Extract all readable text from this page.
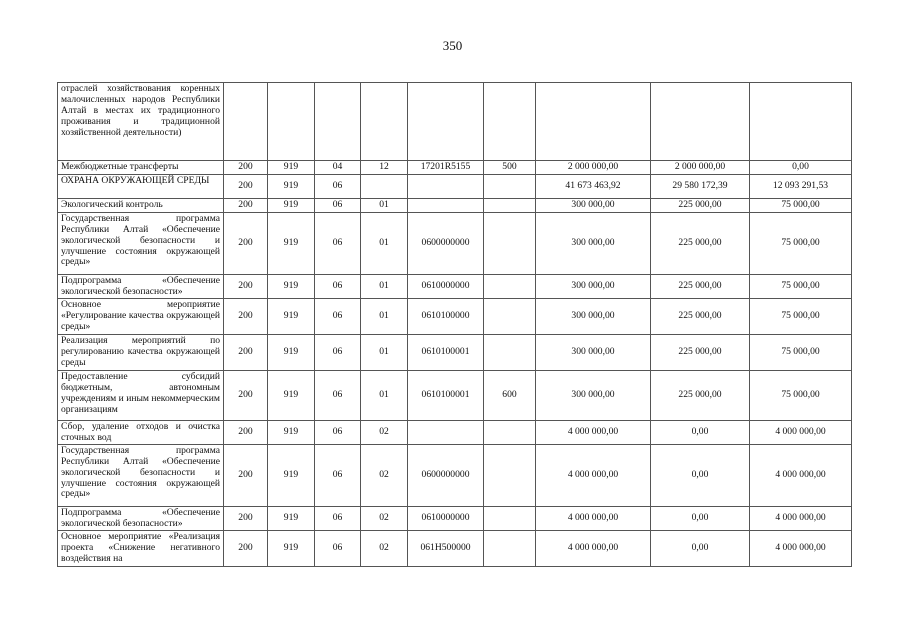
350
отраслей хозяйствования коренных малочисленных народов Республики Алтай в местах их традиционного проживания и традиционной хозяйственной деятельности)									
Межбюджетные трансферты	200	919	04	12	17201R5155	500	2 000 000,00	2 000 000,00	0,00
ОХРАНА ОКРУЖАЮЩЕЙ СРЕДЫ	200	919	06				41 673 463,92	29 580 172,39	12 093 291,53
Экологический контроль	200	919	06	01			300 000,00	225 000,00	75 000,00
Государственная программа Республики Алтай «Обеспечение экологической безопасности и улучшение состояния окружающей среды»	200	919	06	01	0600000000		300 000,00	225 000,00	75 000,00
Подпрограмма «Обеспечение экологической безопасности»	200	919	06	01	0610000000		300 000,00	225 000,00	75 000,00
Основное мероприятие «Регулирование качества окружающей среды»	200	919	06	01	0610100000		300 000,00	225 000,00	75 000,00
Реализация мероприятий по регулированию качества окружающей среды	200	919	06	01	0610100001		300 000,00	225 000,00	75 000,00
Предоставление субсидий бюджетным, автономным учреждениям и иным некоммерческим организациям	200	919	06	01	0610100001	600	300 000,00	225 000,00	75 000,00
Сбор, удаление отходов и очистка сточных вод	200	919	06	02			4 000 000,00	0,00	4 000 000,00
Государственная программа Республики Алтай «Обеспечение экологической безопасности и улучшение состояния окружающей среды»	200	919	06	02	0600000000		4 000 000,00	0,00	4 000 000,00
Подпрограмма «Обеспечение экологической безопасности»	200	919	06	02	0610000000		4 000 000,00	0,00	4 000 000,00
Основное мероприятие «Реализация проекта «Снижение негативного воздействия на	200	919	06	02	061Н500000		4 000 000,00	0,00	4 000 000,00
